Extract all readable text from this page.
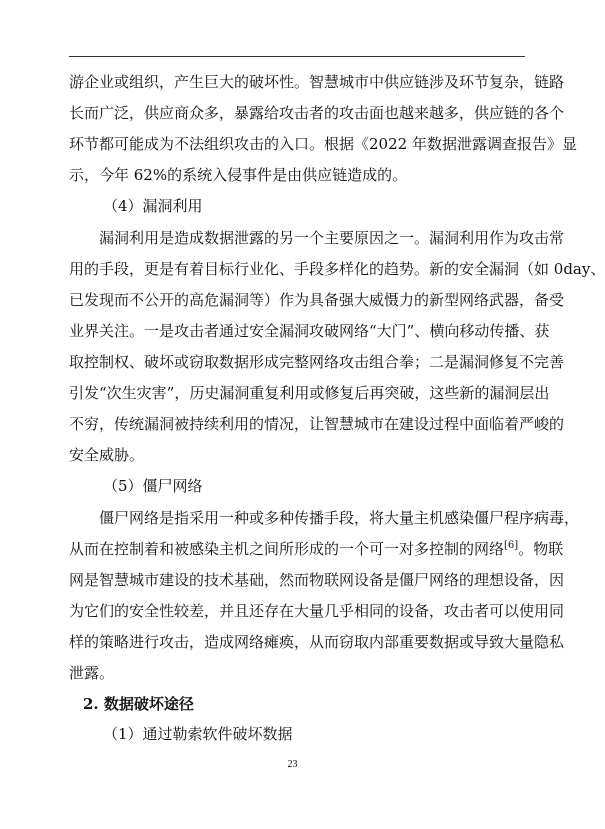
游企业或组织，产生巨大的破坏性。智慧城市中供应链涉及环节复杂，链路
长而广泛，供应商众多，暴露给攻击者的攻击面也越来越多，供应链的各个
环节都可能成为不法组织攻击的入口。根据《2022 年数据泄露调查报告》显
示，今年 62%的系统入侵事件是由供应链造成的。
（4）漏洞利用
漏洞利用是造成数据泄露的另一个主要原因之一。漏洞利用作为攻击常
用的手段，更是有着目标行业化、手段多样化的趋势。新的安全漏洞（如 0day、
已发现而不公开的高危漏洞等）作为具备强大威慑力的新型网络武器，备受
业界关注。一是攻击者通过安全漏洞攻破网络“大门”、横向移动传播、获
取控制权、破坏或窃取数据形成完整网络攻击组合拳；二是漏洞修复不完善
引发“次生灾害”，历史漏洞重复利用或修复后再突破，这些新的漏洞层出
不穷，传统漏洞被持续利用的情况，让智慧城市在建设过程中面临着严峻的
安全威胁。
（5）僵尸网络
僵尸网络是指采用一种或多种传播手段，将大量主机感染僵尸程序病毒，
从而在控制着和被感染主机之间所形成的一个可一对多控制的网络 [6]。物联
网是智慧城市建设的技术基础，然而物联网设备是僵尸网络的理想设备，因
为它们的安全性较差，并且还存在大量几乎相同的设备，攻击者可以使用同
样的策略进行攻击，造成网络瘫痪，从而窃取内部重要数据或导致大量隐私
泄露。
2. 数据破坏途径
（1）通过勒索软件破坏数据
23
